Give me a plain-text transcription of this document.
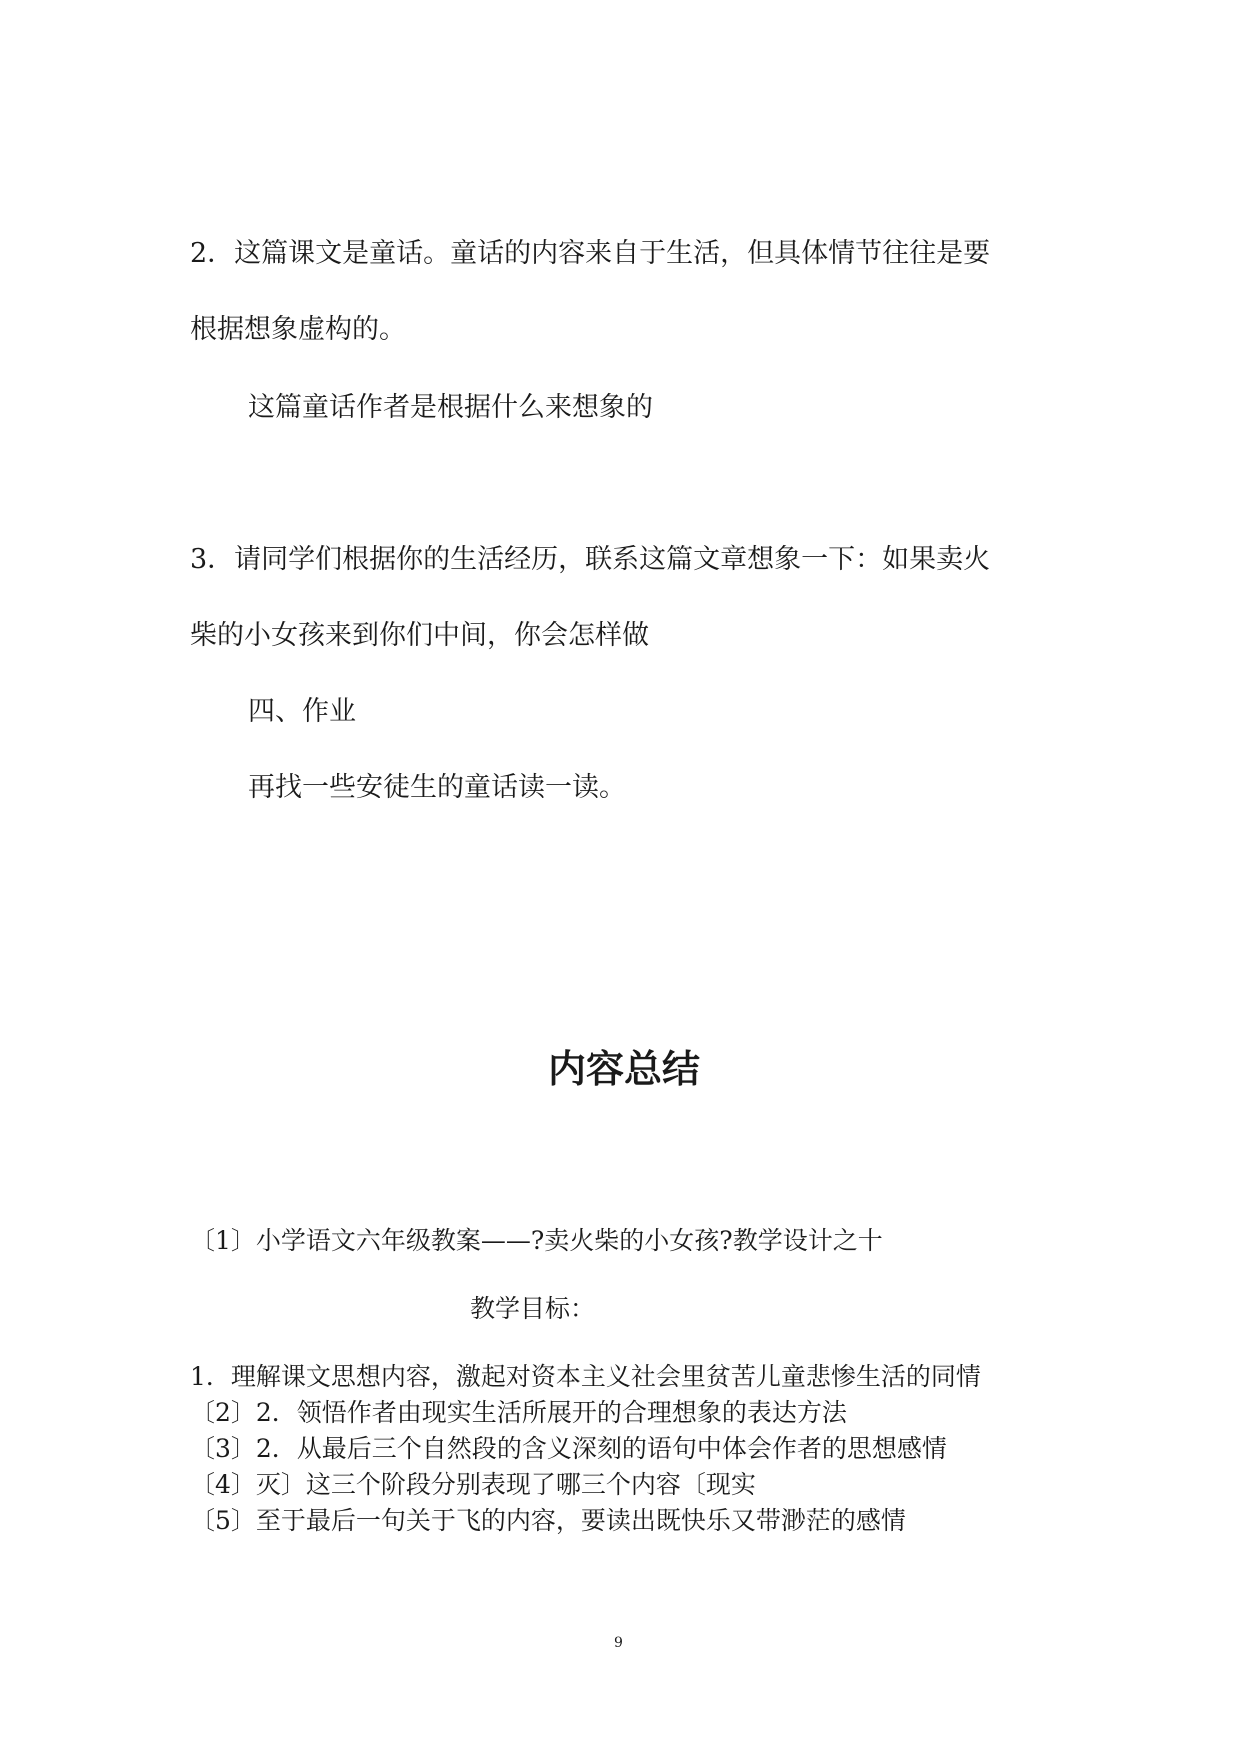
2．这篇课文是童话。童话的内容来自于生活，但具体情节往往是要
根据想象虚构的。
这篇童话作者是根据什么来想象的
3．请同学们根据你的生活经历，联系这篇文章想象一下：如果卖火
柴的小女孩来到你们中间，你会怎样做
四、作业
再找一些安徒生的童话读一读。
内容总结
〔1〕小学语文六年级教案——?卖火柴的小女孩?教学设计之十
教学目标：
1．理解课文思想内容，激起对资本主义社会里贫苦儿童悲惨生活的同情
〔2〕2．领悟作者由现实生活所展开的合理想象的表达方法
〔3〕2．从最后三个自然段的含义深刻的语句中体会作者的思想感情
〔4〕灭〕这三个阶段分别表现了哪三个内容〔现实
〔5〕至于最后一句关于飞的内容，要读出既快乐又带渺茫的感情
9
